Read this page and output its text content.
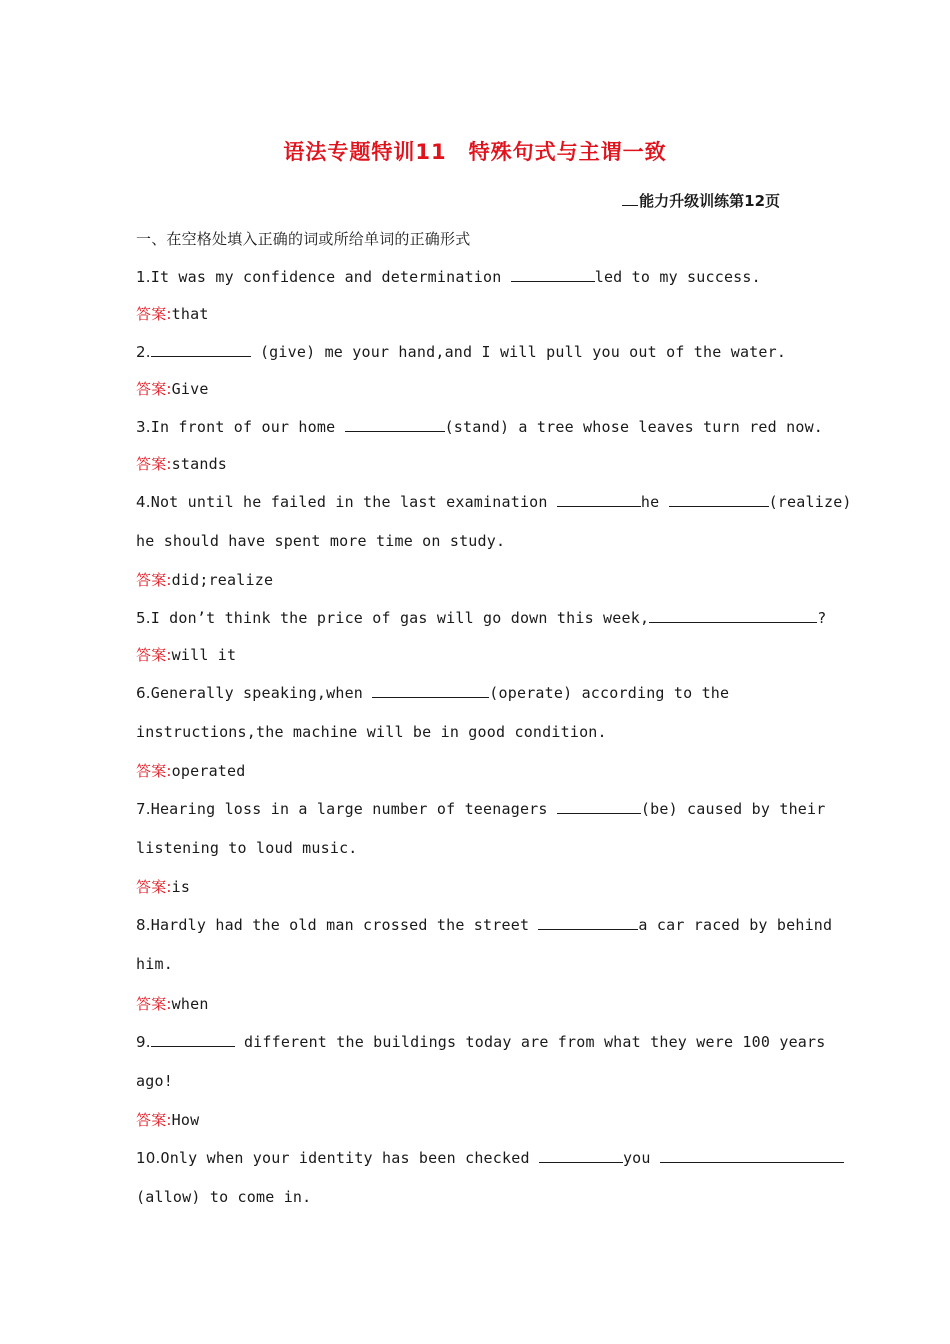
语法专题特训11　特殊句式与主谓一致
能力升级训练第12页
一、在空格处填入正确的词或所给单词的正确形式
1.It was my confidence and determination	led to my success.
答案:that
2.	(give) me your hand,and I will pull you out of the water.
答案:Give
3.In front of our home	(stand) a tree whose leaves turn red now.
答案:stands
4.Not until he failed in the last examination	he	(realize)
he should have spent more time on study.
答案:did;realize
5.I don’t think the price of gas will go down this week,	?
答案:will it
6.Generally speaking,when	(operate) according to the
instructions,the machine will be in good condition.
答案:operated
7.Hearing loss in a large number of teenagers	(be) caused by their
listening to loud music.
答案:is
8.Hardly had the old man crossed the street	a car raced by behind
him.
答案:when
9.	different the buildings today are from what they were 100 years
ago!
答案:How
10.Only when your identity has been checked	you
(allow) to come in.
